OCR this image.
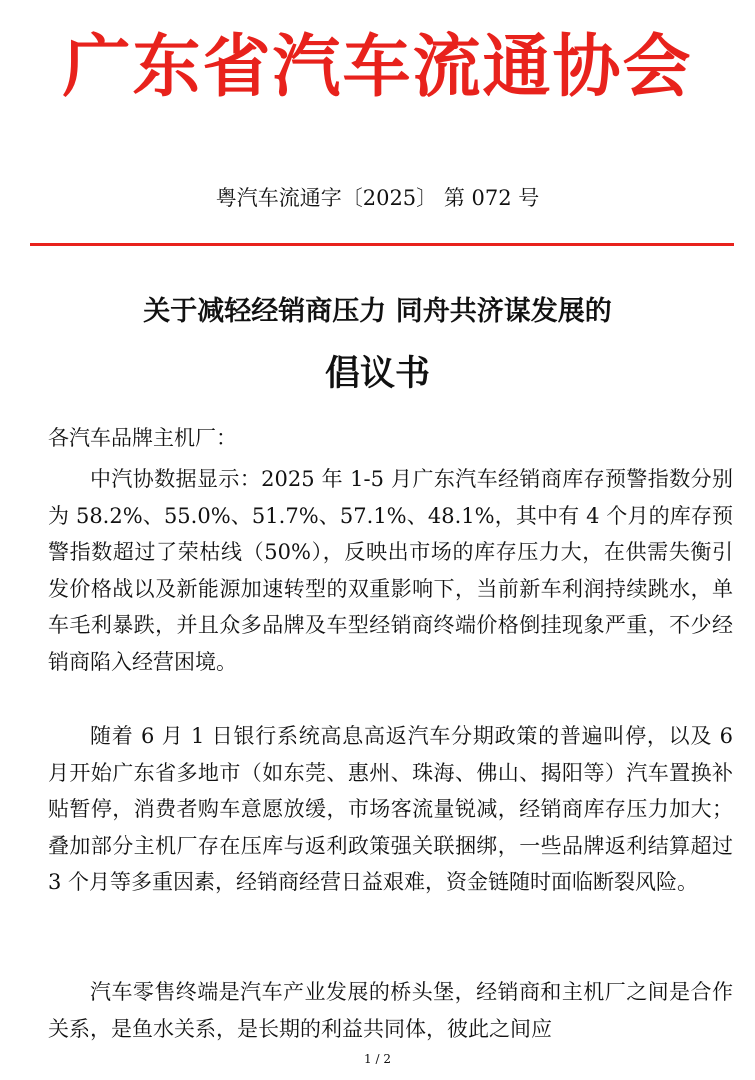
广东省汽车流通协会
粤汽车流通字〔2025〕 第 072 号
关于减轻经销商压力 同舟共济谋发展的
倡议书
各汽车品牌主机厂：

中汽协数据显示：2025 年 1-5 月广东汽车经销商库存预警指数分别为 58.2%、55.0%、51.7%、57.1%、48.1%，其中有 4 个月的库存预警指数超过了荣枯线（50%），反映出市场的库存压力大，在供需失衡引发价格战以及新能源加速转型的双重影响下，当前新车利润持续跳水，单车毛利暴跌，并且众多品牌及车型经销商终端价格倒挂现象严重，不少经销商陷入经营困境。

随着 6 月 1 日银行系统高息高返汽车分期政策的普遍叫停，以及 6 月开始广东省多地市（如东莞、惠州、珠海、佛山、揭阳等）汽车置换补贴暂停，消费者购车意愿放缓，市场客流量锐减，经销商库存压力加大；叠加部分主机厂存在压库与返利政策强关联捆绑，一些品牌返利结算超过 3 个月等多重因素，经销商经营日益艰难，资金链随时面临断裂风险。

汽车零售终端是汽车产业发展的桥头堡，经销商和主机厂之间是合作关系，是鱼水关系，是长期的利益共同体，彼此之间应

1 / 2
